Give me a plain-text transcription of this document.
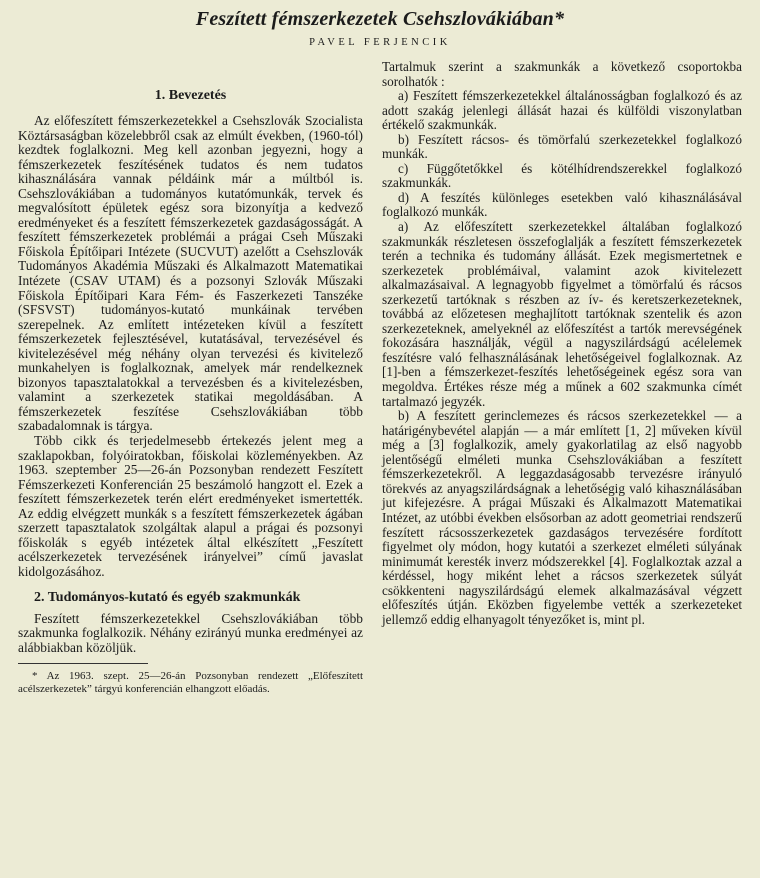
Feszített fémszerkezetek Csehszlovákiában*
PAVEL FERJENCIK
1. Bevezetés

Az előfeszített fémszerkezetekkel a Csehszlovák Szocialista Köztársaságban közelebbről csak az elmúlt években, (1960-tól) kezdtek foglalkozni. Meg kell azonban jegyezni, hogy a fémszerkezetek feszítésének tudatos és nem tudatos kihasználására vannak példáink már a múltból is. Csehszlovákiában a tudományos kutatómunkák, tervek és megvalósított épületek egész sora bizonyítja a kedvező eredményeket és a feszített fémszerkezetek gazdaságosságát. A feszített fémszerkezetek problémái a prágai Cseh Műszaki Főiskola Építőipari Intézete (SUCVUT) azelőtt a Csehszlovák Tudományos Akadémia Műszaki és Alkalmazott Matematikai Intézete (CSAV UTAM) és a pozsonyi Szlovák Műszaki Főiskola Építőipari Kara Fém- és Faszerkezeti Tanszéke (SFSVST) tudományos-kutató munkáinak tervében szerepelnek. Az említett intézeteken kívül a feszített fémszerkezetek fejlesztésével, kutatásával, tervezésével és kivitelezésével még néhány olyan tervezési és kivitelező munkahelyen is foglalkoznak, amelyek már rendelkeznek bizonyos tapasztalatokkal a tervezésben és a kivitelezésben, valamint a szerkezetek statikai megoldásában. A fémszerkezetek feszítése Csehszlovákiában több szabadalomnak is tárgya.

Több cikk és terjedelmesebb értekezés jelent meg a szaklapokban, folyóiratokban, főiskolai közleményekben. Az 1963. szeptember 25—26-án Pozsonyban rendezett Feszített Fémszerkezeti Konferencián 25 beszámoló hangzott el. Ezek a feszített fémszerkezetek terén elért eredményeket ismertették. Az eddig elvégzett munkák s a feszített fémszerkezetek ágában szerzett tapasztalatok szolgáltak alapul a prágai és pozsonyi főiskolák s egyéb intézetek által elkészített „Feszített acélszerkezetek tervezésének irányelvei” című javaslat kidolgozásához.

2. Tudományos-kutató és egyéb szakmunkák

Feszített fémszerkezetekkel Csehszlovákiában több szakmunka foglalkozik. Néhány ezirányú munka eredményei az alábbiakban közöljük.

* Az 1963. szept. 25—26-án Pozsonyban rendezett „Előfeszített acélszerkezetek” tárgyú konferencián elhangzott előadás.

Tartalmuk szerint a szakmunkák a következő csoportokba sorolhatók :

a) Feszített fémszerkezetekkel általánosságban foglalkozó és az adott szakág jelenlegi állását hazai és külföldi viszonylatban értékelő szakmunkák.

b) Feszített rácsos- és tömörfalú szerkezetekkel foglalkozó munkák.

c) Függőtetőkkel és kötélhídrendszerekkel foglalkozó szakmunkák.

d) A feszítés különleges esetekben való kihasználásával foglalkozó munkák.

a) Az előfeszített szerkezetekkel általában foglalkozó szakmunkák részletesen összefoglalják a feszített fémszerkezetek terén a technika és tudomány állását. Ezek megismertetnek e szerkezetek problémáival, valamint azok kivitelezett alkalmazásaival. A legnagyobb figyelmet a tömörfalú és rácsos szerkezetű tartóknak s részben az ív- és keretszerkezeteknek, továbbá az előzetesen meghajlított tartóknak szentelik és azon szerkezeteknek, amelyeknél az előfeszítést a tartók merevségének fokozására használják, végül a nagyszilárdságú acélelemek feszítésre való felhasználásának lehetőségeivel foglalkoznak. Az [1]-ben a fémszerkezet-feszítés lehetőségeinek egész sora van megoldva. Értékes része még a műnek a 602 szakmunka címét tartalmazó jegyzék.

b) A feszített gerinclemezes és rácsos szerkezetekkel — a határigénybevétel alapján — a már említett [1, 2] műveken kívül még a [3] foglalkozik, amely gyakorlatilag az első nagyobb jelentőségű elméleti munka Csehszlovákiában a feszített fémszerkezetekről. A leggazdaságosabb tervezésre irányuló törekvés az anyagszilárdságnak a lehetőségig való kihasználásában jut kifejezésre. A prágai Műszaki és Alkalmazott Matematikai Intézet, az utóbbi években elsősorban az adott geometriai rendszerű feszített rácsosszerkezetek gazdaságos tervezésére fordított figyelmet oly módon, hogy kutatói a szerkezet elméleti súlyának minimumát keresték inverz módszerekkel [4]. Foglalkoztak azzal a kérdéssel, hogy miként lehet a rácsos szerkezetek súlyát csökkenteni nagyszilárdságú elemek alkalmazásával végzett előfeszítés útján. Eközben figyelembe vették a szerkezeteket jellemző eddig elhanyagolt tényezőket is, mint pl.
